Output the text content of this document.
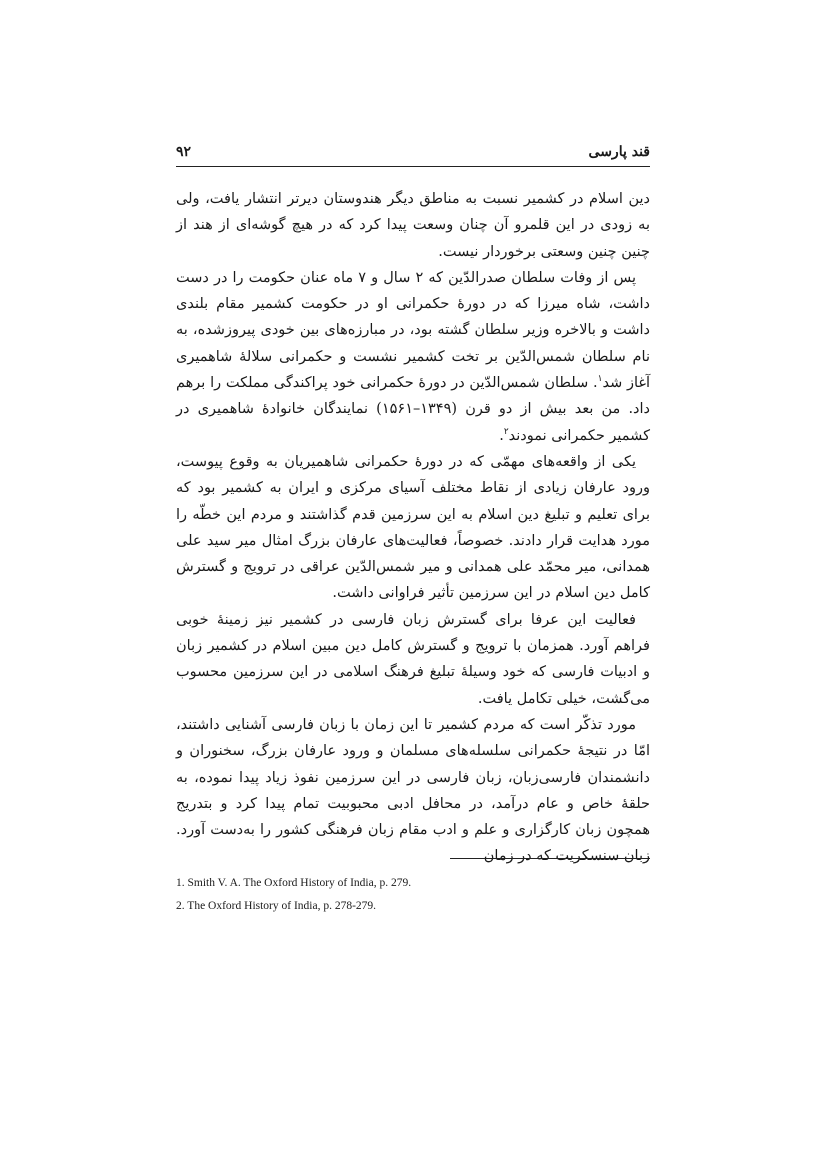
قند پارسی
۹۲

دین اسلام در کشمیر نسبت به مناطق دیگر هندوستان دیرتر انتشار یافت، ولی به زودی در این قلمرو آن چنان وسعت پیدا کرد که در هیچ گوشه‌ای از هند از چنین چنین وسعتی برخوردار نیست.

پس از وفات سلطان صدرالدّین که ۲ سال و ۷ ماه عنان حکومت را در دست داشت، شاه میرزا که در دورهٔ حکمرانی او در حکومت کشمیر مقام بلندی داشت و بالاخره وزیر سلطان گشته بود، در مبارزه‌های بین خودی پیروزشده، به نام سلطان شمس‌الدّین بر تخت کشمیر نشست و حکمرانی سلالهٔ شاهمیری آغاز شد$^۱$. سلطان شمس‌الدّین در دورهٔ حکمرانی خود پراکندگی مملکت را برهم داد. من بعد بیش از دو قرن (۱۳۴۹–۱۵۶۱) نمایندگان خانوادهٔ شاهمیری در کشمیر حکمرانی نمودند$^۲$.

یکی از واقعه‌های مهمّی که در دورهٔ حکمرانی شاهمیریان به وقوع پیوست، ورود عارفان زیادی از نقاط مختلف آسیای مرکزی و ایران به کشمیر بود که برای تعلیم و تبلیغ دین اسلام به این سرزمین قدم گذاشتند و مردم این خطّه را مورد هدایت قرار دادند. خصوصاً، فعالیت‌های عارفان بزرگ امثال میر سید علی همدانی، میر محمّد علی همدانی و میر شمس‌الدّین عراقی در ترویج و گسترش کامل دین اسلام در این سرزمین تأثیر فراوانی داشت.

فعالیت این عرفا برای گسترش زبان فارسی در کشمیر نیز زمینهٔ خوبی فراهم آورد. همزمان با ترویج و گسترش کامل دین مبین اسلام در کشمیر زبان و ادبیات فارسی که خود وسیلهٔ تبلیغ فرهنگ اسلامی در این سرزمین محسوب می‌گشت، خیلی تکامل یافت.

مورد تذکّر است که مردم کشمیر تا این زمان با زبان فارسی آشنایی داشتند، امّا در نتیجهٔ حکمرانی سلسله‌های مسلمان و ورود عارفان بزرگ، سخنوران و دانشمندان فارسی‌زبان، زبان فارسی در این سرزمین نفوذ زیاد پیدا نموده، به حلقهٔ خاص و عام درآمد، در محافل ادبی محبوبیت تمام پیدا کرد و بتدریج همچون زبان کارگزاری و علم و ادب مقام زبان فرهنگی کشور را به‌دست آورد. زبان سنسکریت که در زمان

1. Smith V. A. The Oxford History of India, p. 279.

2. The Oxford History of India, p. 278-279.
